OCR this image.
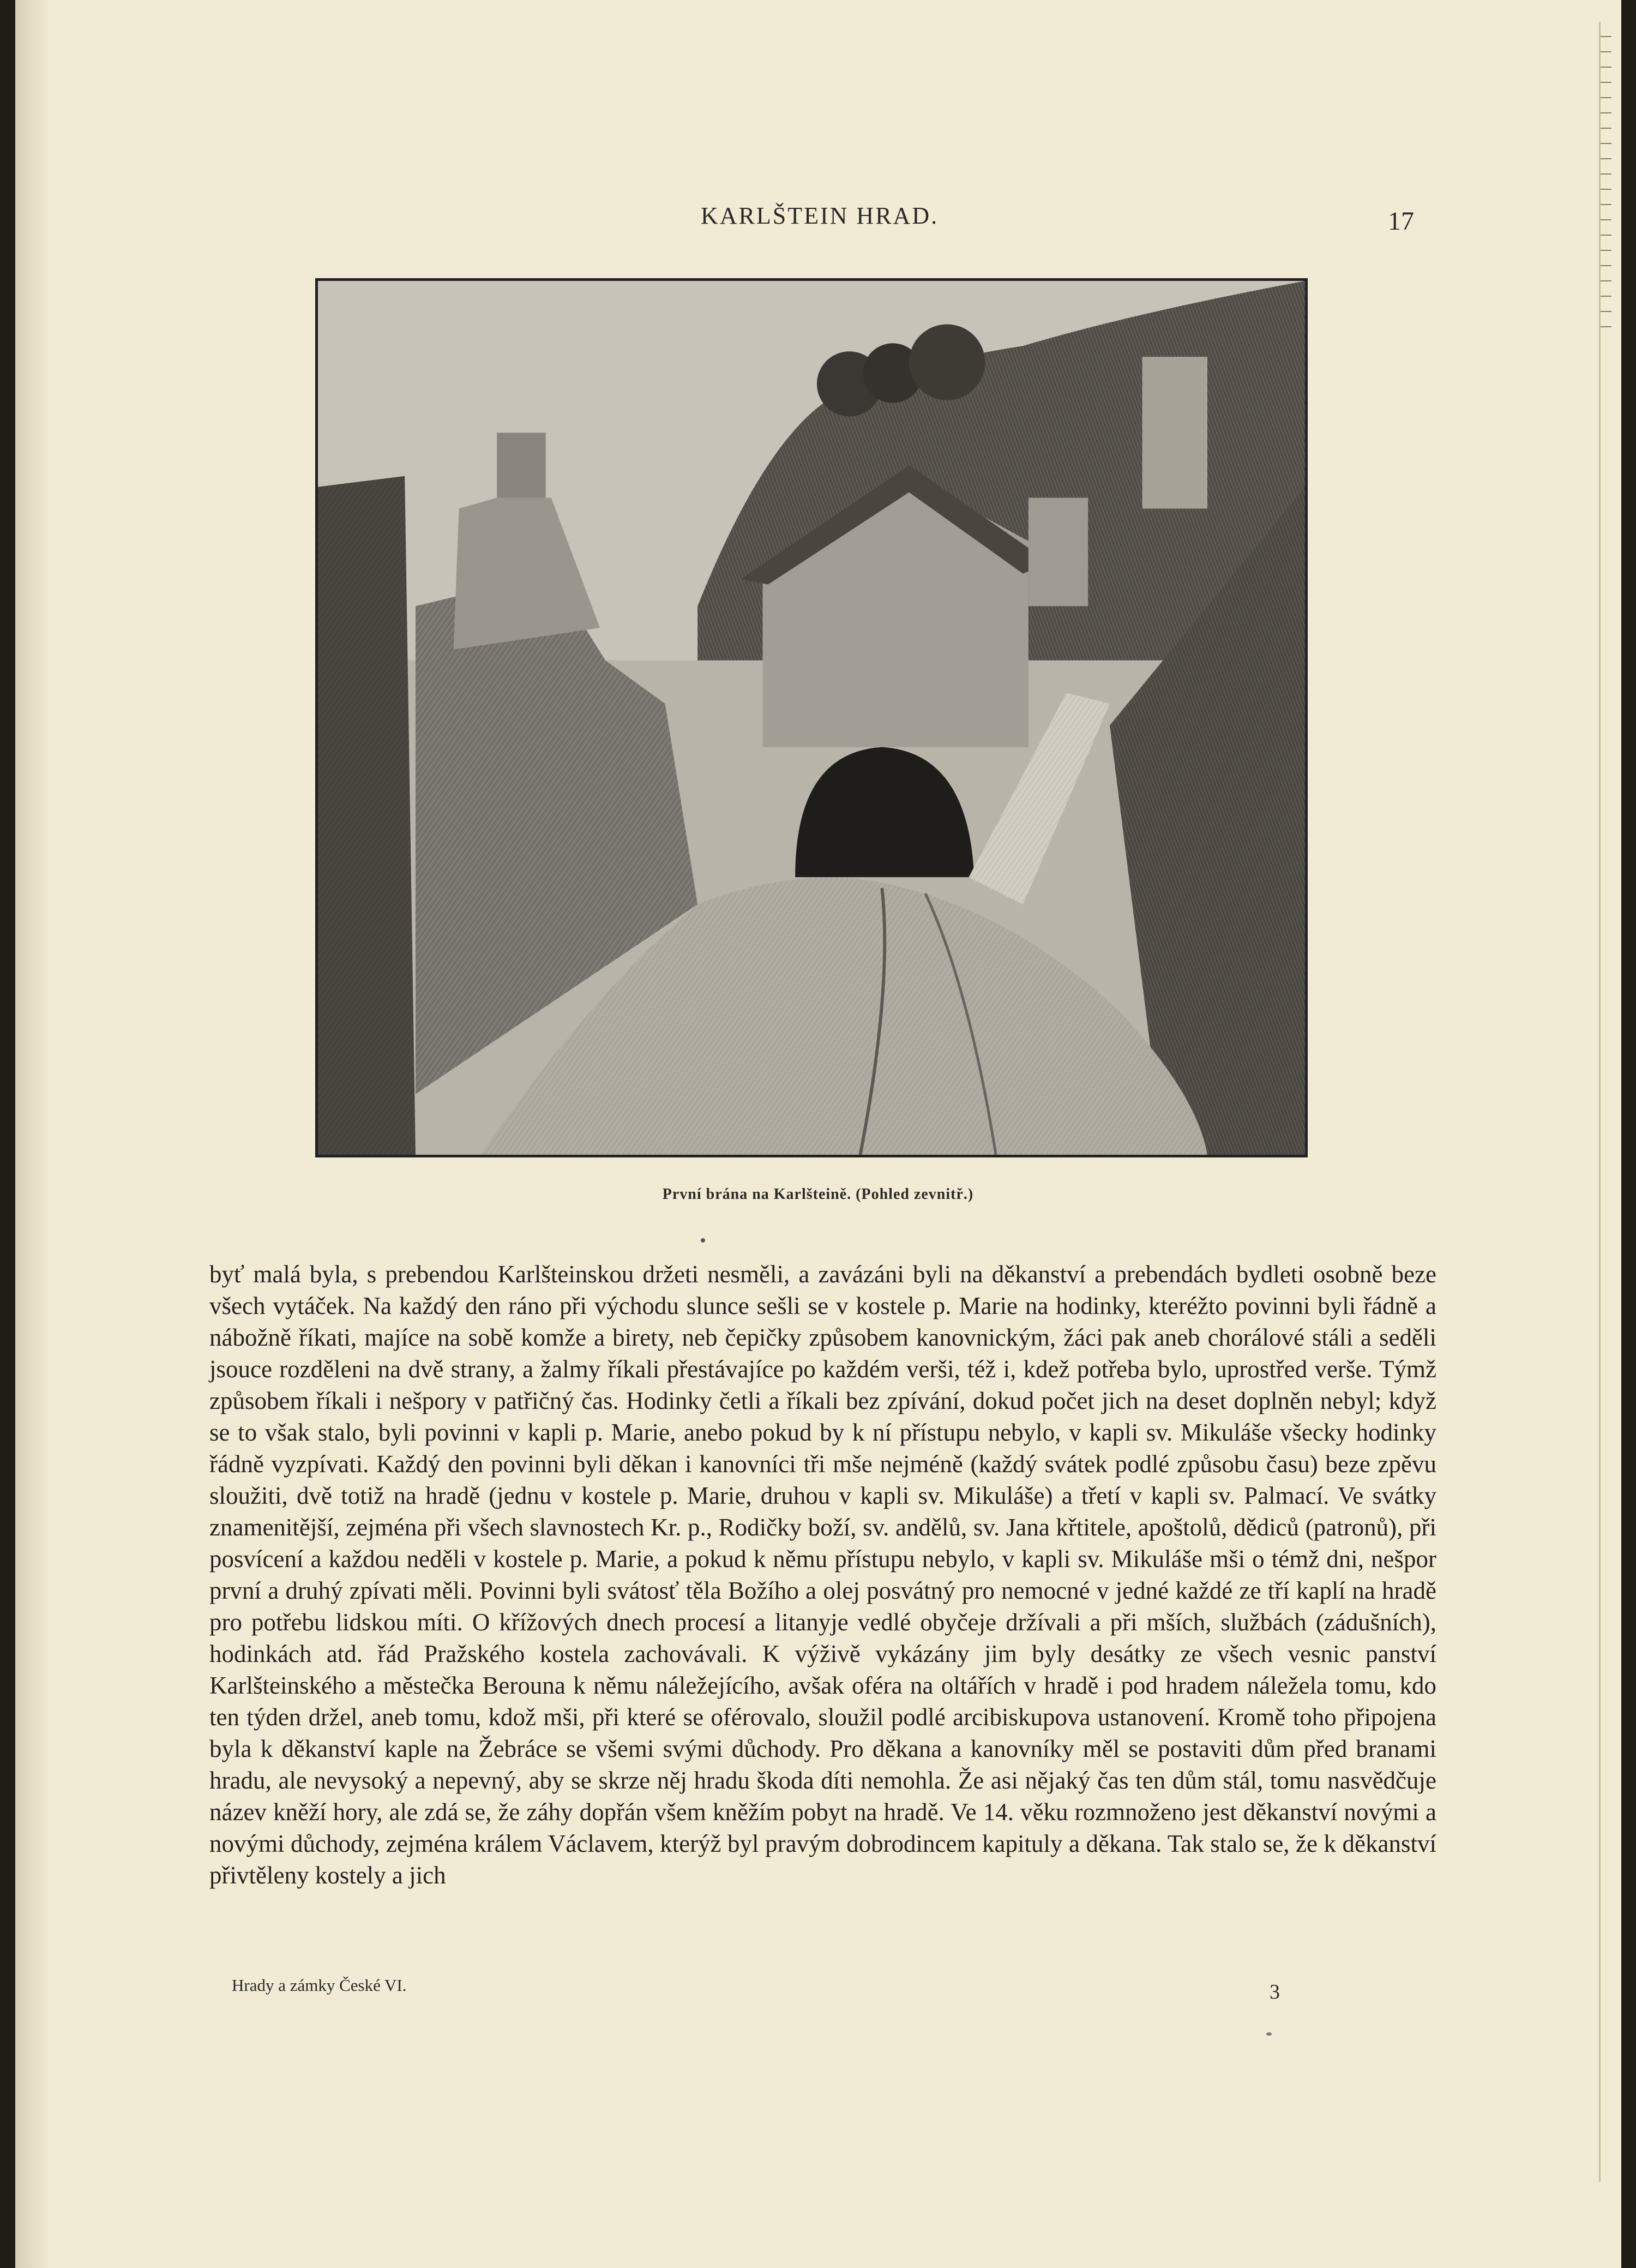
KARLŠTEIN HRAD.	17
První brána na Karlšteině. (Pohled zevnitř.)

byť malá byla, s prebendou Karlšteinskou držeti nesměli, a zavázáni byli na děkanství a prebendách bydleti osobně beze všech vytáček. Na každý den ráno při východu slunce sešli se v kostele p. Marie na hodinky, kteréžto povinni byli řádně a nábožně říkati, majíce na sobě komže a birety, neb čepičky způsobem kanovnickým, žáci pak aneb chorálové stáli a seděli jsouce rozděleni na dvě strany, a žalmy říkali přestávajíce po každém verši, též i, kdež potřeba bylo, uprostřed verše. Týmž způsobem říkali i nešpory v patřičný čas. Hodinky četli a říkali bez zpívání, dokud počet jich na deset doplněn nebyl; když se to však stalo, byli povinni v kapli p. Marie, anebo pokud by k ní přístupu nebylo, v kapli sv. Mikuláše všecky hodinky řádně vyzpívati. Každý den povinni byli děkan i kanovníci tři mše nejméně (každý svátek podlé způsobu času) beze zpěvu sloužiti, dvě totiž na hradě (jednu v kostele p. Marie, druhou v kapli sv. Mikuláše) a třetí v kapli sv. Palmací. Ve svátky znamenitější, zejména při všech slavnostech Kr. p., Rodičky boží, sv. andělů, sv. Jana křtitele, apoštolů, dědiců (patronů), při posvícení a každou neděli v kostele p. Marie, a pokud k němu přístupu nebylo, v kapli sv. Mikuláše mši o témž dni, nešpor první a druhý zpívati měli. Povinni byli svátosť těla Božího a olej posvátný pro nemocné v jedné každé ze tří kaplí na hradě pro potřebu lidskou míti. O křížových dnech procesí a litanyje vedlé obyčeje držívali a při mších, službách (zádušních), hodinkách atd. řád Pražského kostela zachovávali. K výživě vykázány jim byly desátky ze všech vesnic panství Karlšteinského a městečka Berouna k němu náležejícího, avšak oféra na oltářích v hradě i pod hradem náležela tomu, kdo ten týden držel, aneb tomu, kdož mši, při které se oférovalo, sloužil podlé arcibiskupova ustanovení. Kromě toho připojena byla k děkanství kaple na Žebráce se všemi svými důchody. Pro děkana a kanovníky měl se postaviti dům před branami hradu, ale nevysoký a nepevný, aby se skrze něj hradu škoda díti nemohla. Že asi nějaký čas ten dům stál, tomu nasvědčuje název kněží hory, ale zdá se, že záhy dopřán všem kněžím pobyt na hradě. Ve 14. věku rozmnoženo jest děkanství novými a novými důchody, zejména králem Václavem, kterýž byl pravým dobrodincem kapituly a děkana. Tak stalo se, že k děkanství přivtěleny kostely a jich

Hrady a zámky České VI.	3
